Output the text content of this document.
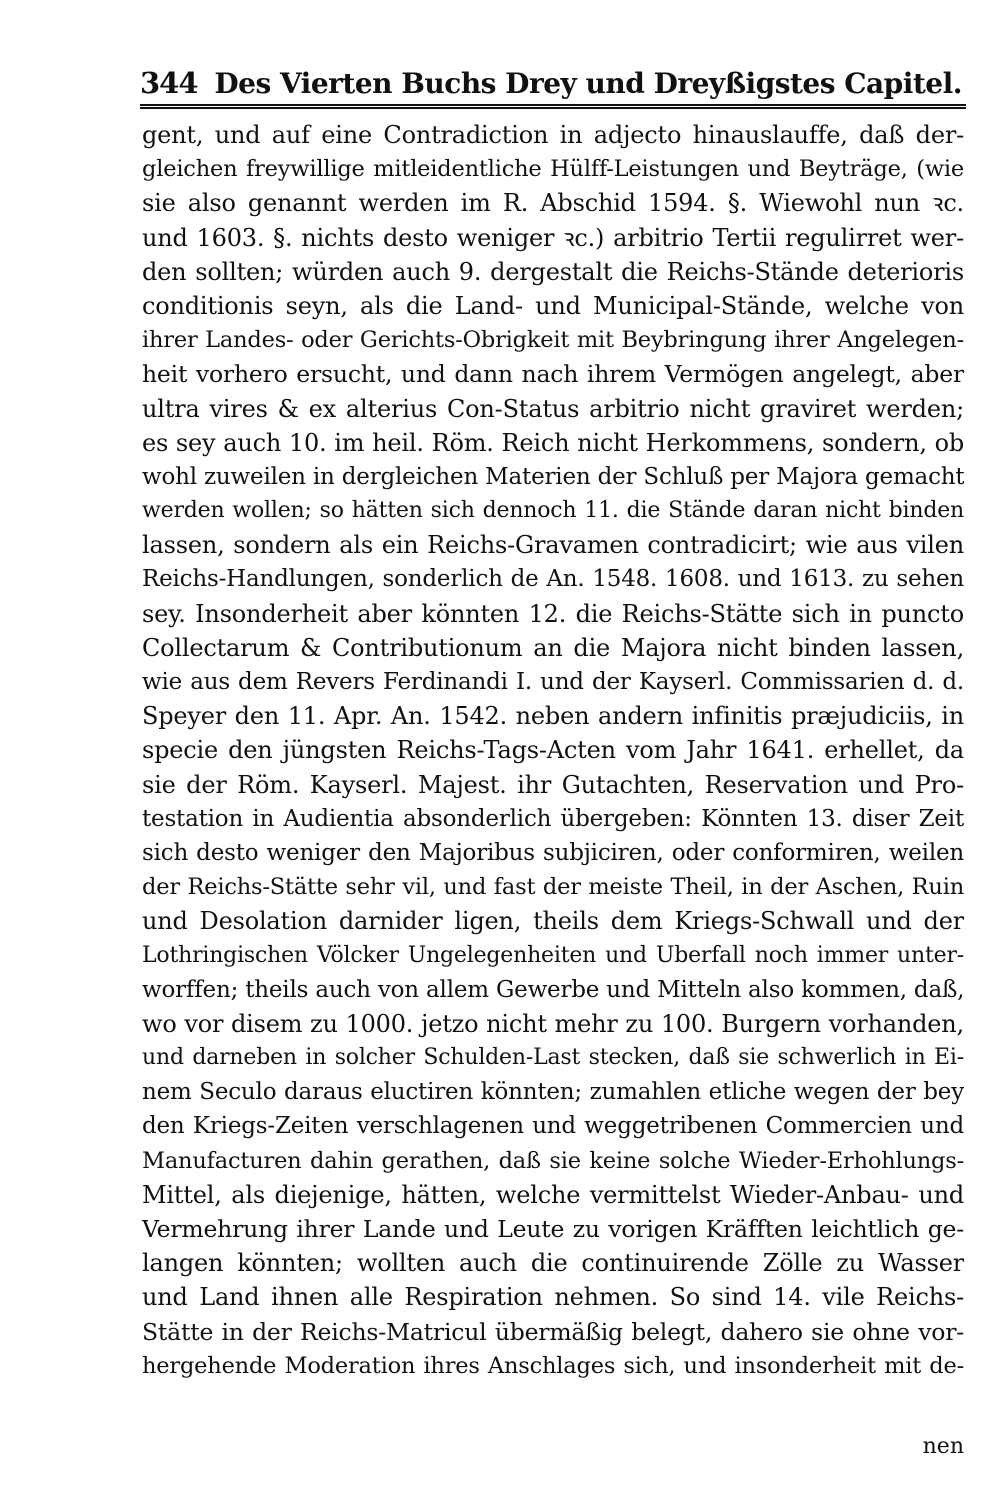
344 Des Vierten Buchs Drey und Dreyßigstes Capitel.
gent, und auf eine Contradiction in adjecto hinauslauffe, daß der-
gleichen freywillige mitleidentliche Hülff-Leistungen und Beyträge, (wie
sie also genannt werden im R. Abschid 1594. §. Wiewohl nun ꝛc.
und 1603. §. nichts desto weniger ꝛc.) arbitrio Tertii regulirret wer-
den sollten; würden auch 9. dergestalt die Reichs-Stände deterioris
conditionis seyn, als die Land- und Municipal-Stände, welche von
ihrer Landes- oder Gerichts-Obrigkeit mit Beybringung ihrer Angelegen-
heit vorhero ersucht, und dann nach ihrem Vermögen angelegt, aber
ultra vires & ex alterius Con-Status arbitrio nicht graviret werden;
es sey auch 10. im heil. Röm. Reich nicht Herkommens, sondern, ob
wohl zuweilen in dergleichen Materien der Schluß per Majora gemacht
werden wollen; so hätten sich dennoch 11. die Stände daran nicht binden
lassen, sondern als ein Reichs-Gravamen contradicirt; wie aus vilen
Reichs-Handlungen, sonderlich de An. 1548. 1608. und 1613. zu sehen
sey. Insonderheit aber könnten 12. die Reichs-Stätte sich in puncto
Collectarum & Contributionum an die Majora nicht binden lassen,
wie aus dem Revers Ferdinandi I. und der Kayserl. Commissarien d. d.
Speyer den 11. Apr. An. 1542. neben andern infinitis præjudiciis, in
specie den jüngsten Reichs-Tags-Acten vom Jahr 1641. erhellet, da
sie der Röm. Kayserl. Majest. ihr Gutachten, Reservation und Pro-
testation in Audientia absonderlich übergeben: Könnten 13. diser Zeit
sich desto weniger den Majoribus subjiciren, oder conformiren, weilen
der Reichs-Stätte sehr vil, und fast der meiste Theil, in der Aschen, Ruin
und Desolation darnider ligen, theils dem Kriegs-Schwall und der
Lothringischen Völcker Ungelegenheiten und Uberfall noch immer unter-
worffen; theils auch von allem Gewerbe und Mitteln also kommen, daß,
wo vor disem zu 1000. jetzo nicht mehr zu 100. Burgern vorhanden,
und darneben in solcher Schulden-Last stecken, daß sie schwerlich in Ei-
nem Seculo daraus eluctiren könnten; zumahlen etliche wegen der bey
den Kriegs-Zeiten verschlagenen und weggetribenen Commercien und
Manufacturen dahin gerathen, daß sie keine solche Wieder-Erhohlungs-
Mittel, als diejenige, hätten, welche vermittelst Wieder-Anbau- und
Vermehrung ihrer Lande und Leute zu vorigen Kräfften leichtlich ge-
langen könnten; wollten auch die continuirende Zölle zu Wasser
und Land ihnen alle Respiration nehmen. So sind 14. vile Reichs-
Stätte in der Reichs-Matricul übermäßig belegt, dahero sie ohne vor-
hergehende Moderation ihres Anschlages sich, und insonderheit mit de-
nen
